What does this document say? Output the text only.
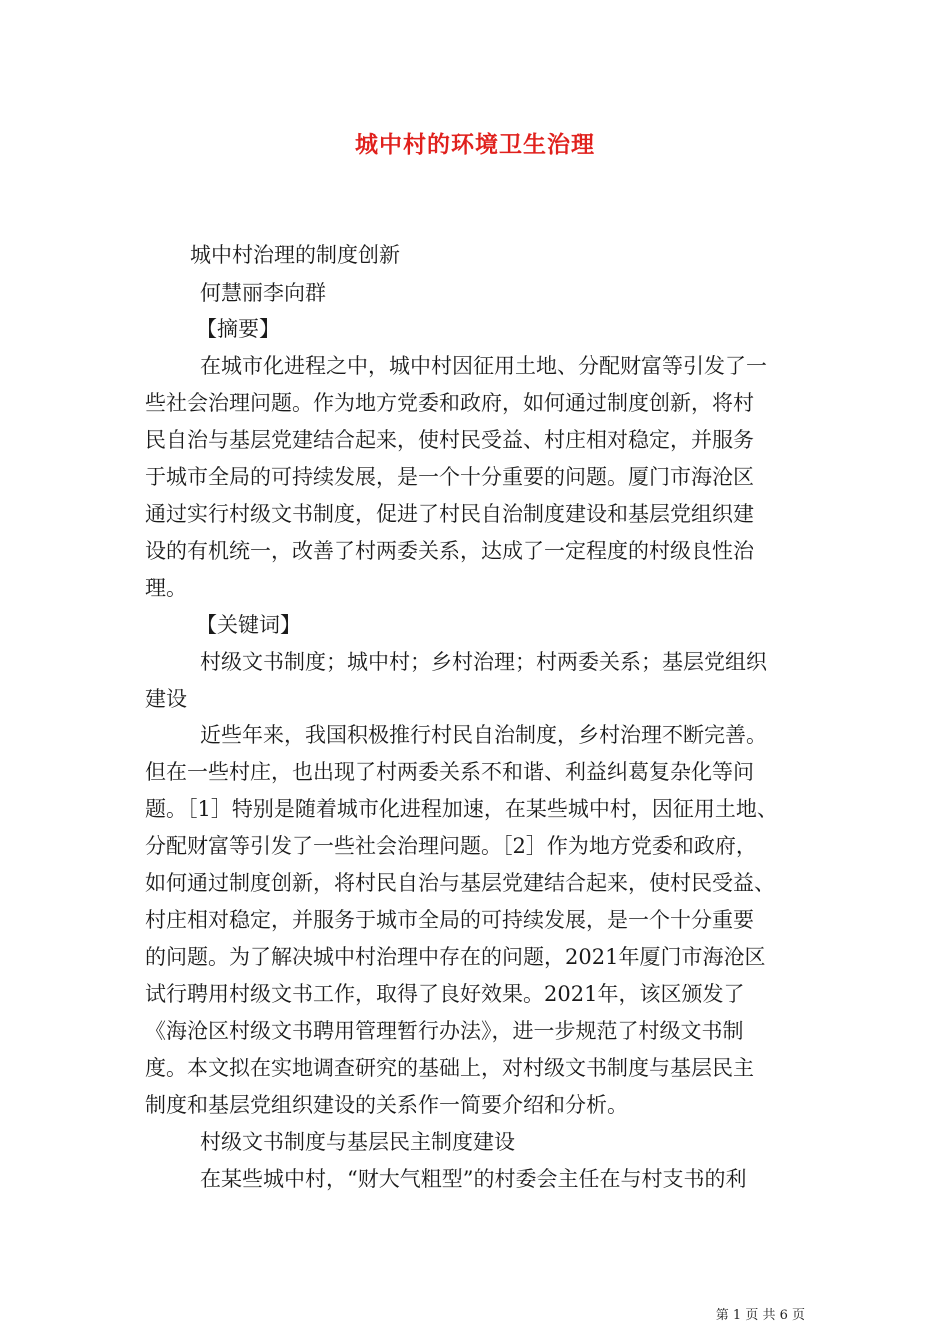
城中村的环境卫生治理
城中村治理的制度创新
何慧丽李向群
【摘要】
在城市化进程之中，城中村因征用土地、分配财富等引发了一
些社会治理问题。作为地方党委和政府，如何通过制度创新，将村
民自治与基层党建结合起来，使村民受益、村庄相对稳定，并服务
于城市全局的可持续发展，是一个十分重要的问题。厦门市海沧区
通过实行村级文书制度，促进了村民自治制度建设和基层党组织建
设的有机统一，改善了村两委关系，达成了一定程度的村级良性治
理。
【关键词】
村级文书制度；城中村；乡村治理；村两委关系；基层党组织
建设
近些年来，我国积极推行村民自治制度，乡村治理不断完善。
但在一些村庄，也出现了村两委关系不和谐、利益纠葛复杂化等问
题。［1］特别是随着城市化进程加速，在某些城中村，因征用土地、
分配财富等引发了一些社会治理问题。［2］作为地方党委和政府，
如何通过制度创新，将村民自治与基层党建结合起来，使村民受益、
村庄相对稳定，并服务于城市全局的可持续发展，是一个十分重要
的问题。为了解决城中村治理中存在的问题，2021年厦门市海沧区
试行聘用村级文书工作，取得了良好效果。2021年，该区颁发了
《海沧区村级文书聘用管理暂行办法》，进一步规范了村级文书制
度。本文拟在实地调查研究的基础上，对村级文书制度与基层民主
制度和基层党组织建设的关系作一简要介绍和分析。
村级文书制度与基层民主制度建设
在某些城中村，“财大气粗型”的村委会主任在与村支书的利
第 1 页 共 6 页
